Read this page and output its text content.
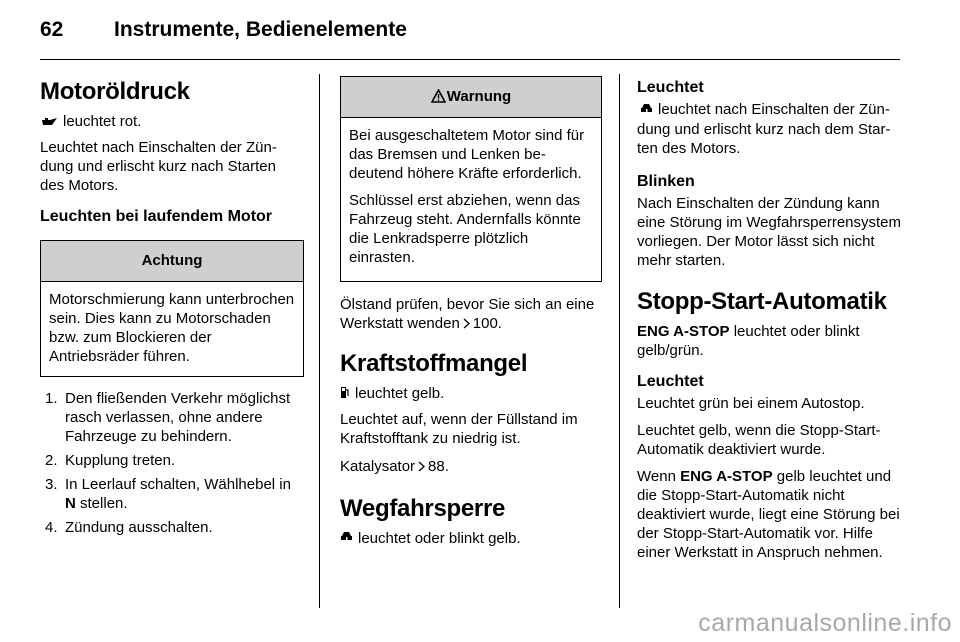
62 Instrumente, Bedienelemente
Motoröldruck

leuchtet rot.

Leuchtet nach Einschalten der Zündung und erlischt kurz nach Starten des Motors.

Leuchten bei laufendem Motor
Achtung

Motorschmierung kann unterbrochen sein. Dies kann zu Motorschaden bzw. zum Blockieren der Antriebsräder führen.

1. Den fließenden Verkehr möglichst rasch verlassen, ohne andere Fahrzeuge zu behindern.
2. Kupplung treten.
3. In Leerlauf schalten, Wählhebel in N stellen.
4. Zündung ausschalten.
Warnung

Bei ausgeschaltetem Motor sind für das Bremsen und Lenken bedeutend höhere Kräfte erforderlich.

Schlüssel erst abziehen, wenn das Fahrzeug steht. Andernfalls könnte die Lenkradsperre plötzlich einrasten.

Ölstand prüfen, bevor Sie sich an eine Werkstatt wenden 100.

Kraftstoffmangel

leuchtet gelb.

Leuchtet auf, wenn der Füllstand im Kraftstofftank zu niedrig ist.

Katalysator 88.

Wegfahrsperre

leuchtet oder blinkt gelb.

Leuchtet

leuchtet nach Einschalten der Zündung und erlischt kurz nach dem Starten des Motors.

Blinken

Nach Einschalten der Zündung kann eine Störung im Wegfahrsperrensystem vorliegen. Der Motor lässt sich nicht mehr starten.

Stopp-Start-Automatik

ENG A-STOP leuchtet oder blinkt gelb/grün.

Leuchtet

Leuchtet grün bei einem Autostop.

Leuchtet gelb, wenn die Stopp-Start-Automatik deaktiviert wurde.

Wenn ENG A-STOP gelb leuchtet und die Stopp-Start-Automatik nicht deaktiviert wurde, liegt eine Störung bei der Stopp-Start-Automatik vor. Hilfe einer Werkstatt in Anspruch nehmen.

carmanualsonline.info
